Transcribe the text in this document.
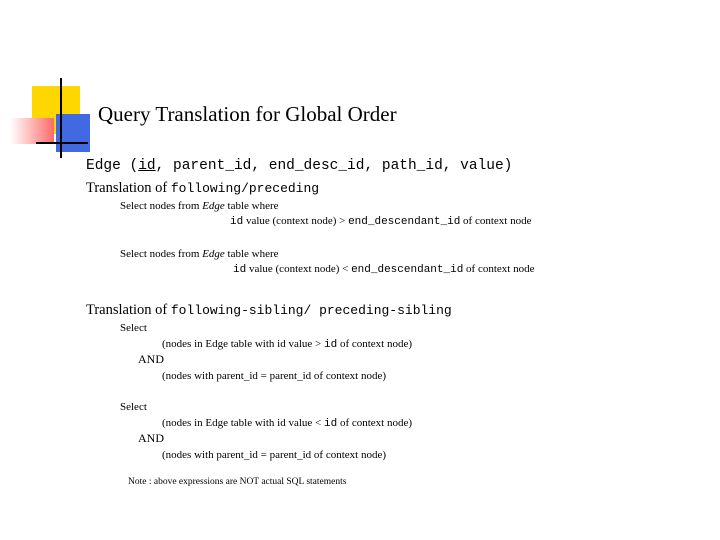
Query Translation for Global Order
Edge (id, parent_id, end_desc_id, path_id, value)
Translation of following/preceding
Select nodes from Edge table where
id value (context node) > end_descendant_id of context node
Select nodes from Edge table where
id value (context node) < end_descendant_id of context node
Translation of following-sibling/ preceding-sibling
Select
(nodes in Edge table with id value > id of context node)
AND
(nodes with parent_id = parent_id of context node)
Select
(nodes in Edge table with id value < id of context node)
AND
(nodes with parent_id = parent_id of context node)
Note : above expressions are NOT actual SQL statements
